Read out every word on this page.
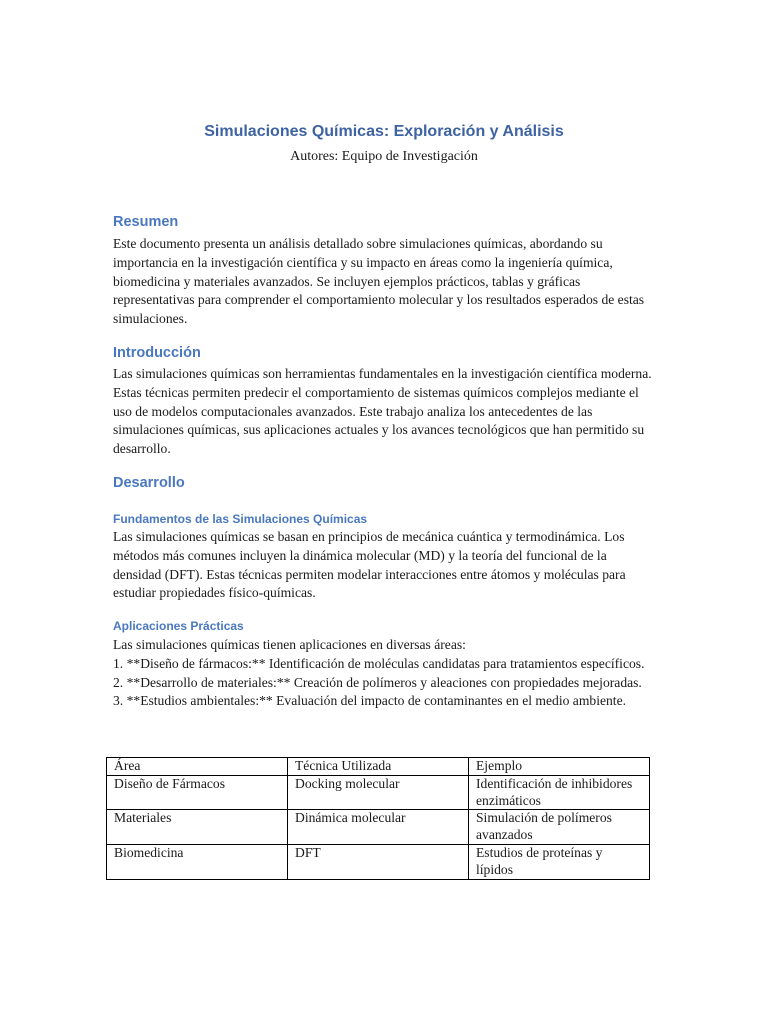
Simulaciones Químicas: Exploración y Análisis

Autores: Equipo de Investigación

Resumen

Este documento presenta un análisis detallado sobre simulaciones químicas, abordando su importancia en la investigación científica y su impacto en áreas como la ingeniería química, biomedicina y materiales avanzados. Se incluyen ejemplos prácticos, tablas y gráficas representativas para comprender el comportamiento molecular y los resultados esperados de estas simulaciones.

Introducción

Las simulaciones químicas son herramientas fundamentales en la investigación científica moderna. Estas técnicas permiten predecir el comportamiento de sistemas químicos complejos mediante el uso de modelos computacionales avanzados. Este trabajo analiza los antecedentes de las simulaciones químicas, sus aplicaciones actuales y los avances tecnológicos que han permitido su desarrollo.

Desarrollo
Fundamentos de las Simulaciones Químicas

Las simulaciones químicas se basan en principios de mecánica cuántica y termodinámica. Los métodos más comunes incluyen la dinámica molecular (MD) y la teoría del funcional de la densidad (DFT). Estas técnicas permiten modelar interacciones entre átomos y moléculas para estudiar propiedades físico-químicas.

Aplicaciones Prácticas
Las simulaciones químicas tienen aplicaciones en diversas áreas:
1. **Diseño de fármacos:** Identificación de moléculas candidatas para tratamientos específicos.
2. **Desarrollo de materiales:** Creación de polímeros y aleaciones con propiedades mejoradas.
3. **Estudios ambientales:** Evaluación del impacto de contaminantes en el medio ambiente.
Área	Técnica Utilizada	Ejemplo
Diseño de Fármacos	Docking molecular	Identificación de inhibidores enzimáticos
Materiales	Dinámica molecular	Simulación de polímeros avanzados
Biomedicina	DFT	Estudios de proteínas y lípidos
